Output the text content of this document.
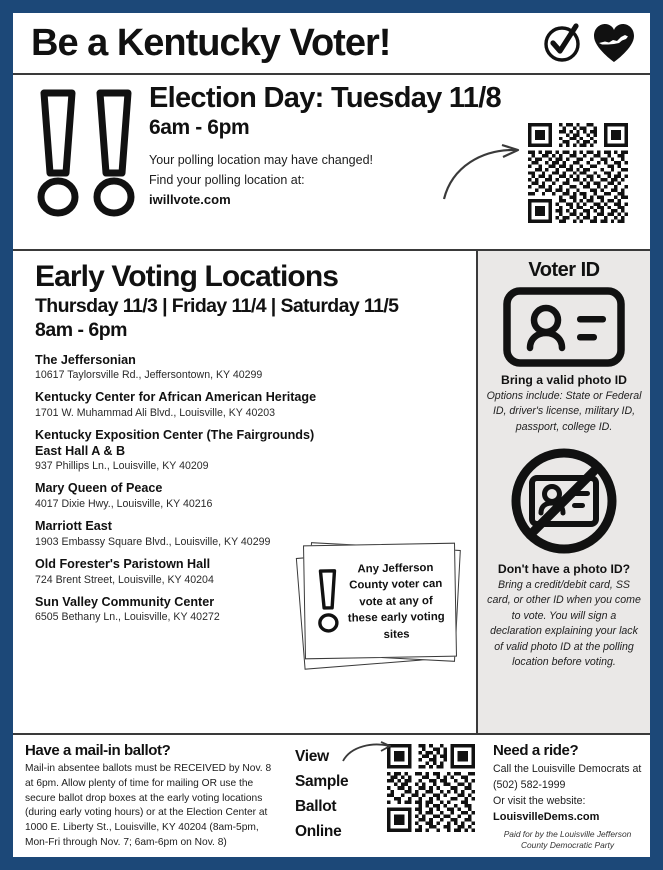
Be a Kentucky Voter!
Election Day: Tuesday 11/8
6am - 6pm
Your polling location may have changed!
Find your polling location at:
iwillvote.com
Early Voting Locations
Thursday 11/3 | Friday 11/4 | Saturday 11/5
8am - 6pm
The Jeffersonian
10617 Taylorsville Rd., Jeffersontown, KY 40299
Kentucky Center for African American Heritage
1701 W. Muhammad Ali Blvd., Louisville, KY 40203
Kentucky Exposition Center (The Fairgrounds)
East Hall A & B
937 Phillips Ln., Louisville, KY 40209
Mary Queen of Peace
4017 Dixie Hwy., Louisville, KY 40216
Marriott East
1903 Embassy Square Blvd., Louisville, KY 40299
Old Forester's Paristown Hall
724 Brent Street, Louisville, KY 40204
Sun Valley Community Center
6505 Bethany Ln., Louisville, KY 40272
Any Jefferson County voter can vote at any of these early voting sites
Voter ID
Bring a valid photo ID
Options include: State or Federal ID, driver's license, military ID, passport, college ID.
Don't have a photo ID?
Bring a credit/debit card, SS card, or other ID when you come to vote. You will sign a declaration explaining your lack of valid photo ID at the polling location before voting.
Have a mail-in ballot?
Mail-in absentee ballots must be RECEIVED by Nov. 8 at 6pm. Allow plenty of time for mailing OR use the secure ballot drop boxes at the early voting locations (during early voting hours) or at the Election Center at 1000 E. Liberty St., Louisville, KY 40204 (8am-5pm, Mon-Fri through Nov. 7; 6am-6pm on Nov. 8)
View
Sample
Ballot
Online
Need a ride?
Call the Louisville Democrats at
(502) 582-1999
Or visit the website:
LouisvilleDems.com
Paid for by the Louisville Jefferson County Democratic Party
